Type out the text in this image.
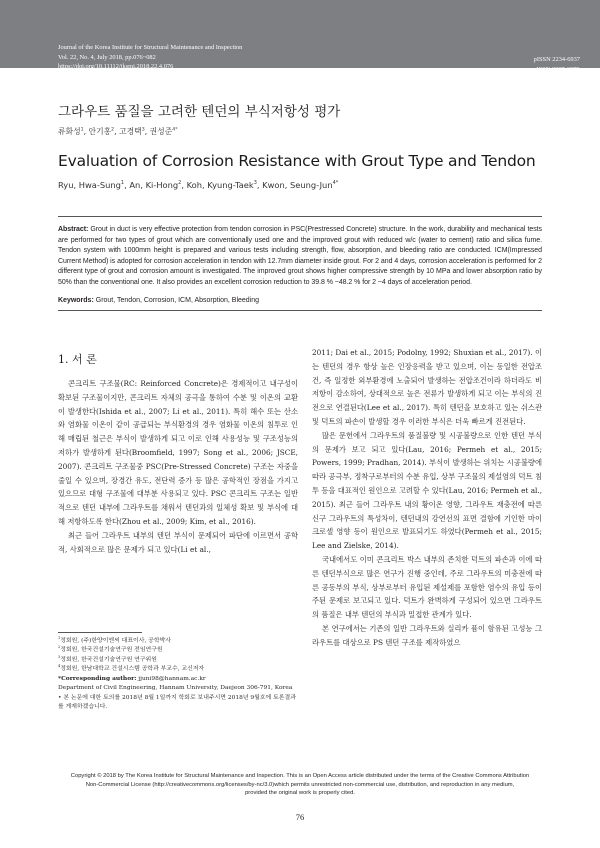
Journal of the Korea Institute for Structural Maintenance and Inspection
Vol. 22, No. 4, July 2018, pp.076~082
https://doi.org/10.11112/jksmi.2018.22.4.076
pISSN 2234-6937
eISSN 2287-6979
그라우트 품질을 고려한 텐던의 부식저항성 평가
류화성$^1$, 안기홍$^2$, 고경택$^3$, 권성준$^{4*}$
Evaluation of Corrosion Resistance with Grout Type and Tendon
Ryu, Hwa-Sung$^1$, An, Ki-Hong$^2$, Koh, Kyung-Taek$^3$, Kwon, Seung-Jun$^{4*}$

Abstract: Grout in duct is very effective protection from tendon corrosion in PSC(Prestressed Concrete) structure. In the work, durability and mechanical tests are performed for two types of grout which are conventionally used one and the improved grout with reduced w/c (water to cement) ratio and silica fume. Tendon system with 1000mm height is prepared and various tests including strength, flow, absorption, and bleeding ratio are conducted. ICM(Impressed Current Method) is adopted for corrosion acceleration in tendon with 12.7mm diameter inside grout. For 2 and 4 days, corrosion acceleration is performed for 2 different type of grout and corrosion amount is investigated. The improved grout shows higher compressive strength by 10 MPa and lower absorption ratio by 50% than the conventional one. It also provides an excellent corrosion reduction to 39.8 % ~48.2 % for 2 ~4 days of acceleration period.

Keywords: Grout, Tendon, Corrosion, ICM, Absorption, Bleeding

1. 서 론

콘크리트 구조물(RC: Reinforced Concrete)은 경제적이고 내구성이 확보된 구조물이지만, 콘크리트 자체의 공극을 통하여 수분 및 이온의 교환이 발생한다(Ishida et al., 2007; Li et al., 2011). 특히 해수 또는 산소와 염화물 이온이 같이 공급되는 부식환경의 경우 염화물 이온의 침투로 인해 매립된 철근은 부식이 발생하게 되고 이로 인해 사용성능 및 구조성능의 저하가 발생하게 된다(Broomfield, 1997; Song et al., 2006; JSCE, 2007). 콘크리트 구조물중 PSC(Pre-Stressed Concrete) 구조는 자중을 줄일 수 있으며, 장경간 유도, 전단력 증가 등 많은 공학적인 장점을 가지고 있으므로 대형 구조물에 대부분 사용되고 있다. PSC 콘크리트 구조는 일반적으로 텐던 내부에 그라우트를 채워서 텐던과의 일체성 확보 및 부식에 대해 저항하도록 한다(Zhou et al., 2009; Kim, et al., 2016).

최근 들어 그라우트 내부의 텐던 부식이 문제되어 파단에 이르면서 공학적, 사회적으로 많은 문제가 되고 있다(Li et al.,

2011; Dai et al., 2015; Podolny, 1992; Shuxian et al., 2017). 이는 텐던의 경우 항상 높은 인장응력을 받고 있으며, 이는 동일한 전압조건, 즉 일정한 외부환경에 노출되어 발생하는 전압조건이라 하더라도 비저항이 감소하여, 상대적으로 높은 전류가 발생하게 되고 이는 부식의 진전으로 연결된다(Lee et al., 2017). 특히 텐던을 보호하고 있는 쉬스관 및 덕트의 파손이 발생할 경우 이러한 부식은 더욱 빠르게 진전된다.

많은 문헌에서 그라우트의 품질불량 및 시공불량으로 인한 텐던 부식의 문제가 보고 되고 있다(Lau, 2016; Permeh et al., 2015; Powers, 1999; Pradhan, 2014). 부식이 발생하는 위치는 시공불량에 따라 공극부, 정착구로부터의 수분 유입, 상부 구조물의 제설염의 덕트 침투 등을 대표적인 원인으로 고려할 수 있다(Lau, 2016; Permeh et al., 2015). 최근 들어 그라우트 내의 황이온 영향, 그라우트 재충전에 따른 신구 그라우트의 특성차이, 텐던내의 강연선의 표면 결함에 기인한 마이크로셀 영향 등이 원인으로 발표되기도 하였다(Permeh et al., 2015; Lee and Zielske, 2014).

국내에서도 이미 콘크리트 박스 내부의 존치한 덕트의 파손과 이에 따른 텐던부식으로 많은 연구가 진행 중인데, 주로 그라우트의 미충전에 따른 공동부의 부식, 상부로부터 유입된 제설제를 포함한 염수의 유입 등이 주된 문제로 보고되고 있다. 덕트가 완벽하게 구성되어 있으면 그라우트의 품질은 내부 텐던의 부식과 밀접한 관계가 있다.

본 연구에서는 기존의 일반 그라우트와 실리카 퓸이 함유된 고성능 그라우트를 대상으로 PS 텐던 구조를 제작하였으

$^1$정회원, (주)한양이엔씨 대표이사, 공학박사

$^2$정회원, 한국건설기술연구원 전임연구원

$^3$정회원, 한국건설기술연구원 연구위원

$^4$정회원, 한남대학교 건설시스템 공학과 부교수, 교신저자

*Corresponding author: jjuni98@hannam.ac.kr

Department of Civil Engineering, Hannam University, Daejeon 306-791, Korea

• 본 논문에 대한 토의를 2018년 8월 1일까지 학회로 보내주시면 2018년 9월호에 토론결과를 게재하겠습니다.

Copyright © 2018 by The Korea Institute for Structural Maintenance and Inspection. This is an Open Access article distributed under the terms of the Creative Commons Attribution

Non-Commercial License (http://creativecommons.org/licenses/by-nc/3.0)which permits unrestricted non-commercial use, distribution, and reproduction in any medium,

provided the original work is properly cited.

76
